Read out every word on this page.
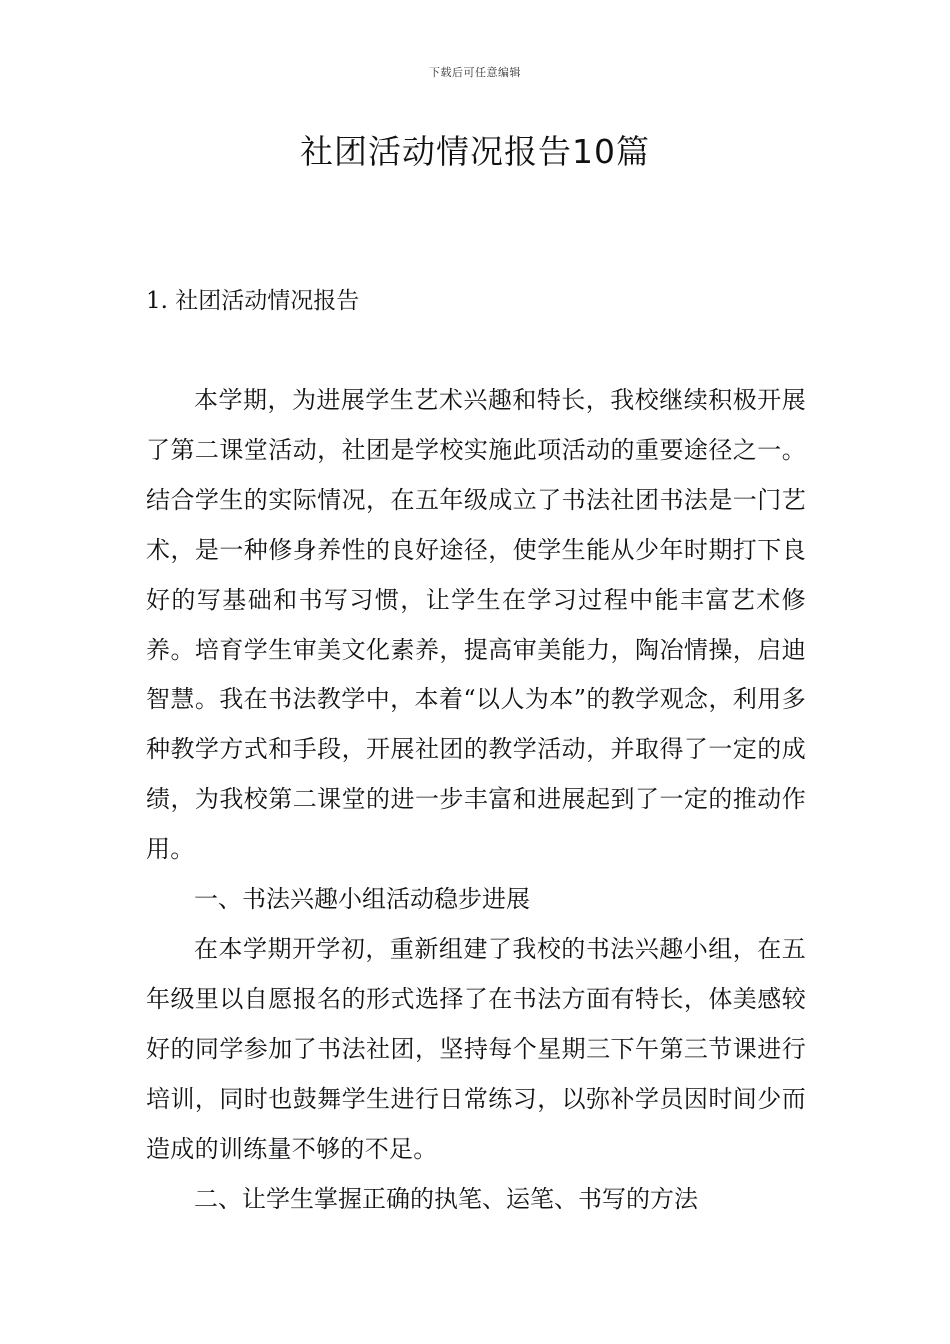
下载后可任意编辑
社团活动情况报告10篇
1. 社团活动情况报告

本学期，为进展学生艺术兴趣和特长，我校继续积极开展了第二课堂活动，社团是学校实施此项活动的重要途径之一。结合学生的实际情况，在五年级成立了书法社团书法是一门艺术，是一种修身养性的良好途径，使学生能从少年时期打下良好的写基础和书写习惯，让学生在学习过程中能丰富艺术修养。培育学生审美文化素养，提高审美能力，陶冶情操，启迪智慧。我在书法教学中，本着“以人为本”的教学观念，利用多种教学方式和手段，开展社团的教学活动，并取得了一定的成绩，为我校第二课堂的进一步丰富和进展起到了一定的推动作用。

一、书法兴趣小组活动稳步进展

在本学期开学初，重新组建了我校的书法兴趣小组，在五年级里以自愿报名的形式选择了在书法方面有特长，体美感较好的同学参加了书法社团，坚持每个星期三下午第三节课进行培训，同时也鼓舞学生进行日常练习，以弥补学员因时间少而造成的训练量不够的不足。

二、让学生掌握正确的执笔、运笔、书写的方法
